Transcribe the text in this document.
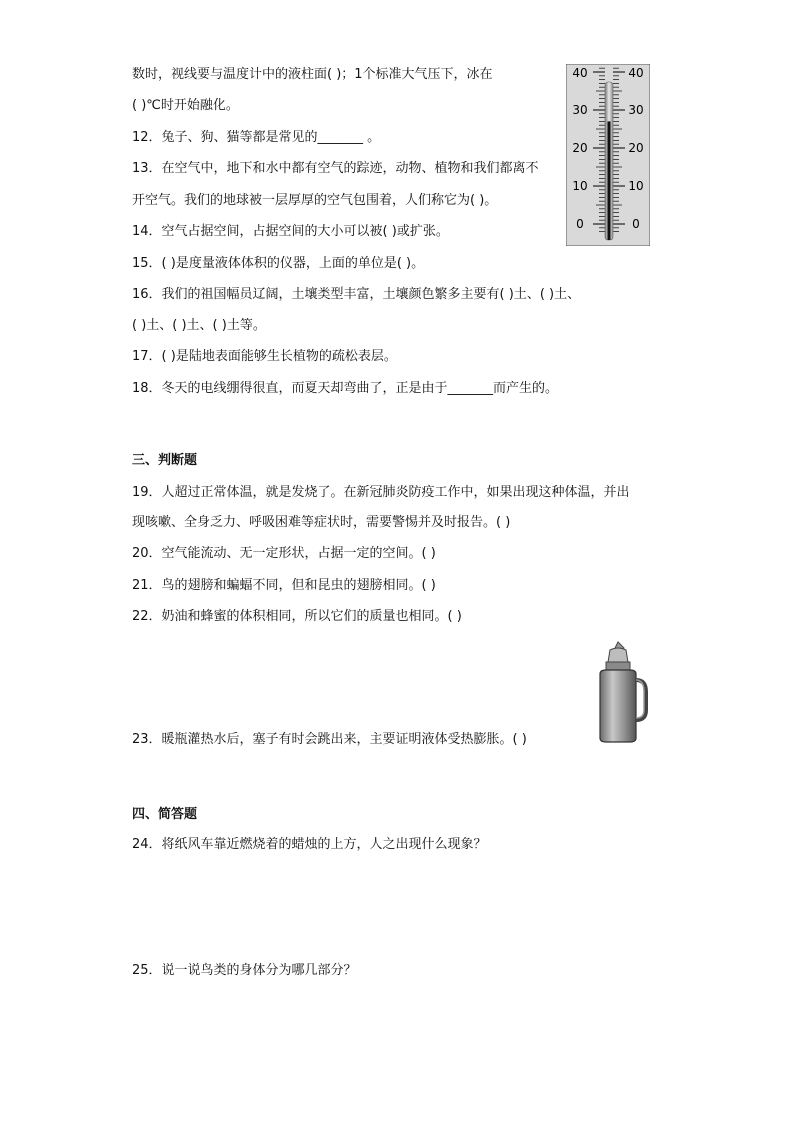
数时，视线要与温度计中的液柱面( )；1个标准大气压下，冰在
( )℃时开始融化。
12．兔子、狗、猫等都是常见的_______ 。
13．在空气中，地下和水中都有空气的踪迹，动物、植物和我们都离不
开空气。我们的地球被一层厚厚的空气包围着，人们称它为( )。
14．空气占据空间，占据空间的大小可以被( )或扩张。
15．( )是度量液体体积的仪器，上面的单位是( )。
16．我们的祖国幅员辽阔，土壤类型丰富，土壤颜色繁多主要有( )土、( )土、
( )土、( )土、( )土等。
17．( )是陆地表面能够生长植物的疏松表层。
18．冬天的电线绷得很直，而夏天却弯曲了，正是由于_______而产生的。
三、判断题
19．人超过正常体温，就是发烧了。在新冠肺炎防疫工作中，如果出现这种体温，并出
现咳嗽、全身乏力、呼吸困难等症状时，需要警惕并及时报告。( )
20．空气能流动、无一定形状，占据一定的空间。( )
21．鸟的翅膀和蝙蝠不同，但和昆虫的翅膀相同。( )
22．奶油和蜂蜜的体积相同，所以它们的质量也相同。( )
23．暖瓶灌热水后，塞子有时会跳出来，主要证明液体受热膨胀。( )
四、简答题
24．将纸风车靠近燃烧着的蜡烛的上方，人之出现什么现象？
25．说一说鸟类的身体分为哪几部分？
40
30
20
10
0
40
30
20
10
0
